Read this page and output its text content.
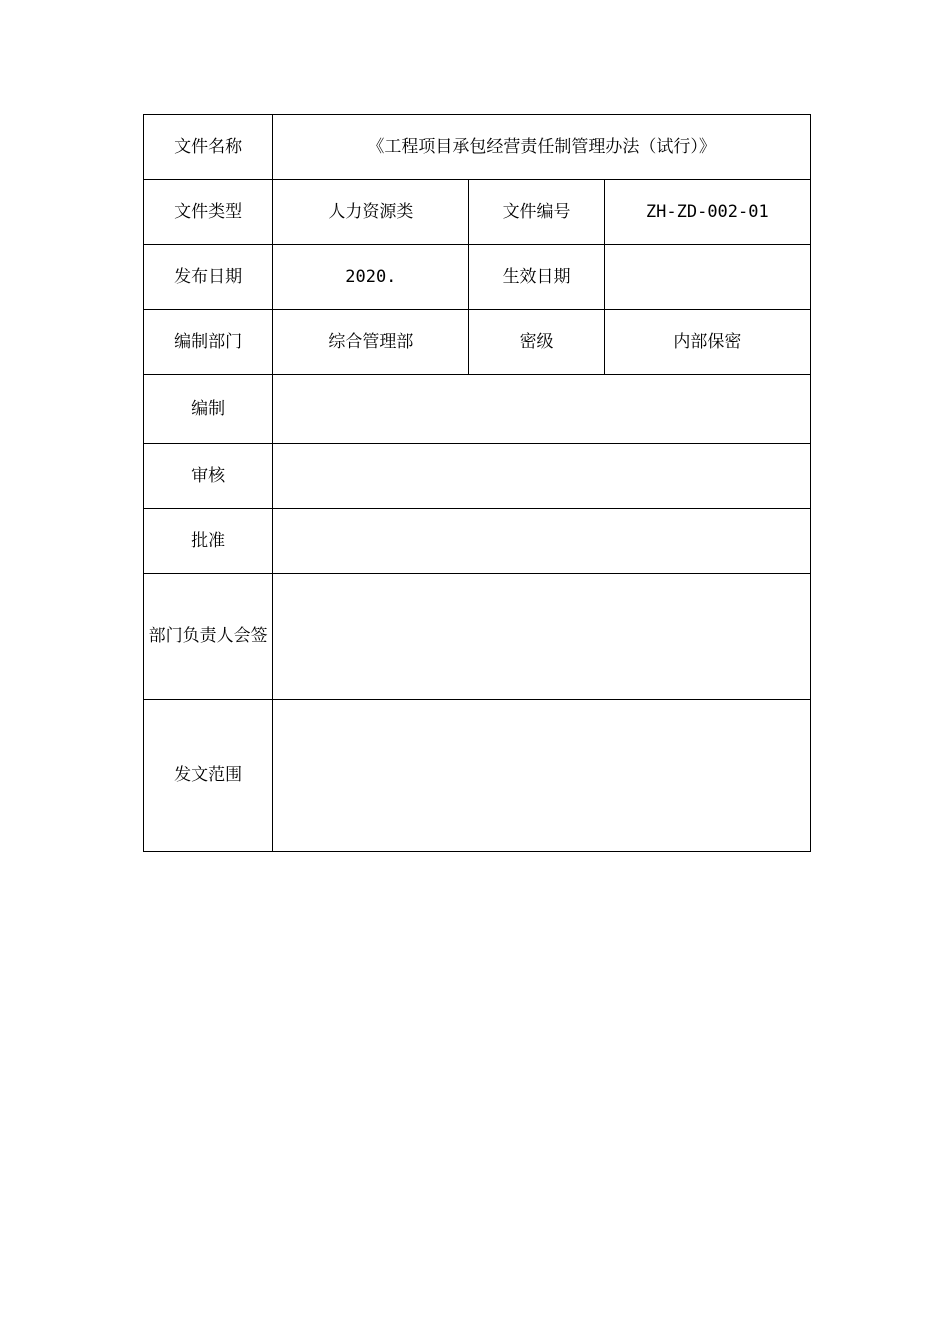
文件名称	《工程项目承包经营责任制管理办法（试行）》		
文件类型	人力资源类	文件编号	ZH-ZD-002-01
发布日期	2020.	生效日期	
编制部门	综合管理部	密级	内部保密
编制			
审核			
批准			
部门负责人会签			
发文范围			
